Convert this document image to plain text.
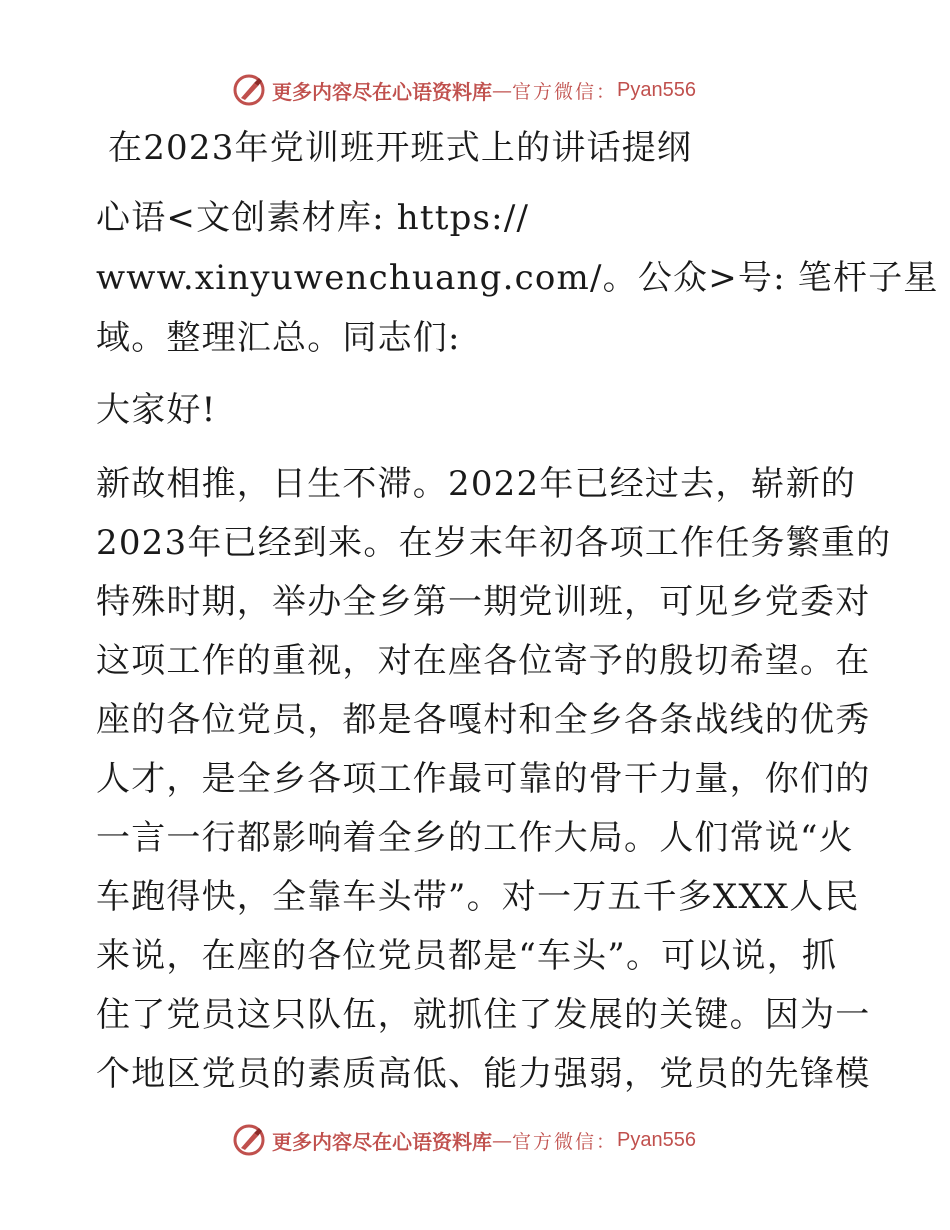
更多内容尽在心语资料库 — 官方微信： Pyan556
在2023年党训班开班式上的讲话提纲
心语<文创素材库: https://
www.xinyuwenchuang.com/。公众>号: 笔杆子星
域。整理汇总。同志们:
大家好!
新故相推，日生不滞。2022年已经过去，崭新的
2023年已经到来。在岁末年初各项工作任务繁重的
特殊时期，举办全乡第一期党训班，可见乡党委对
这项工作的重视，对在座各位寄予的殷切希望。在
座的各位党员，都是各嘎村和全乡各条战线的优秀
人才，是全乡各项工作最可靠的骨干力量，你们的
一言一行都影响着全乡的工作大局。人们常说“火
车跑得快，全靠车头带”。对一万五千多XXX人民
来说，在座的各位党员都是“车头”。可以说，抓
住了党员这只队伍，就抓住了发展的关键。因为一
个地区党员的素质高低、能力强弱，党员的先锋模
更多内容尽在心语资料库 — 官方微信： Pyan556
